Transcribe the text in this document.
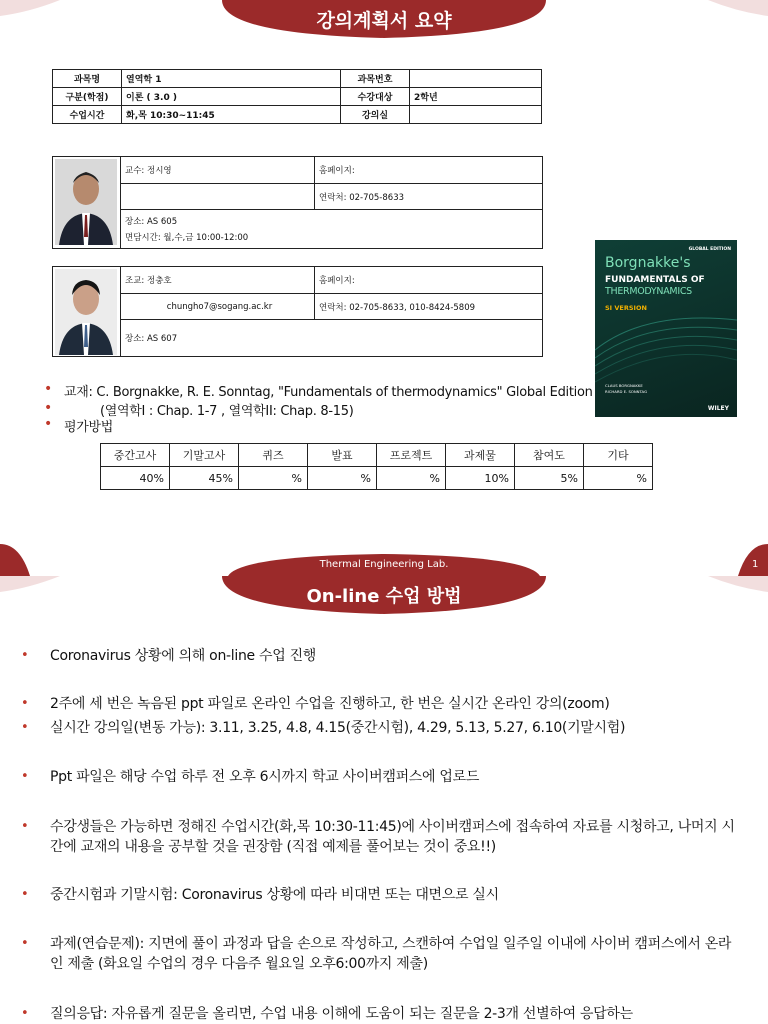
강의계획서 요약
과목명	열역학 1	과목번호	
구분(학점)	이론 ( 3.0 )	수강대상	2학년
수업시간	화,목 10:30~11:45	강의실	
교수: 정시영	홈페이지:
연락처: 02-705-8633
장소: AS 605
면담시간: 월,수,금 10:00-12:00
조교: 정충호	홈페이지:
chungho7@sogang.ac.kr	연락처: 02-705-8633, 010-8424-5809
장소: AS 607
GLOBAL EDITION
Borgnakke's
FUNDAMENTALS OF
THERMODYNAMICS
SI VERSION
CLAUS BORGNAKKE
RICHARD E. SONNTAG
WILEY
• 교재: C. Borgnakke, R. E. Sonntag, "Fundamentals of thermodynamics" Global Edition
•	(열역학I : Chap. 1-7 , 열역학II: Chap. 8-15)
• 평가방법
중간고사	기말고사	퀴즈	발표	프로젝트	과제물	참여도	기타
40%	45%	%	%	%	10%	5%	%
Thermal Engineering Lab.	1
On-line 수업 방법
• Coronavirus 상황에 의해 on-line 수업 진행
• 2주에 세 번은 녹음된 ppt 파일로 온라인 수업을 진행하고, 한 번은 실시간 온라인 강의(zoom)
• 실시간 강의일(변동 가능): 3.11, 3.25, 4.8, 4.15(중간시험), 4.29, 5.13, 5.27, 6.10(기말시험)
• Ppt 파일은 해당 수업 하루 전 오후 6시까지 학교 사이버캠퍼스에 업로드
• 수강생들은 가능하면 정해진 수업시간(화,목 10:30-11:45)에 사이버캠퍼스에 접속하여 자료를 시청하고, 나머지 시간에 교재의 내용을 공부할 것을 권장함 (직접 예제를 풀어보는 것이 중요!!)
• 중간시험과 기말시험: Coronavirus 상황에 따라 비대면 또는 대면으로 실시
• 과제(연습문제): 지면에 풀이 과정과 답을 손으로 작성하고, 스캔하여 수업일 일주일 이내에 사이버 캠퍼스에서 온라인 제출 (화요일 수업의 경우 다음주 월요일 오후6:00까지 제출)
• 질의응답: 자유롭게 질문을 올리면, 수업 내용 이해에 도움이 되는 질문을 2-3개 선별하여 응답하는
